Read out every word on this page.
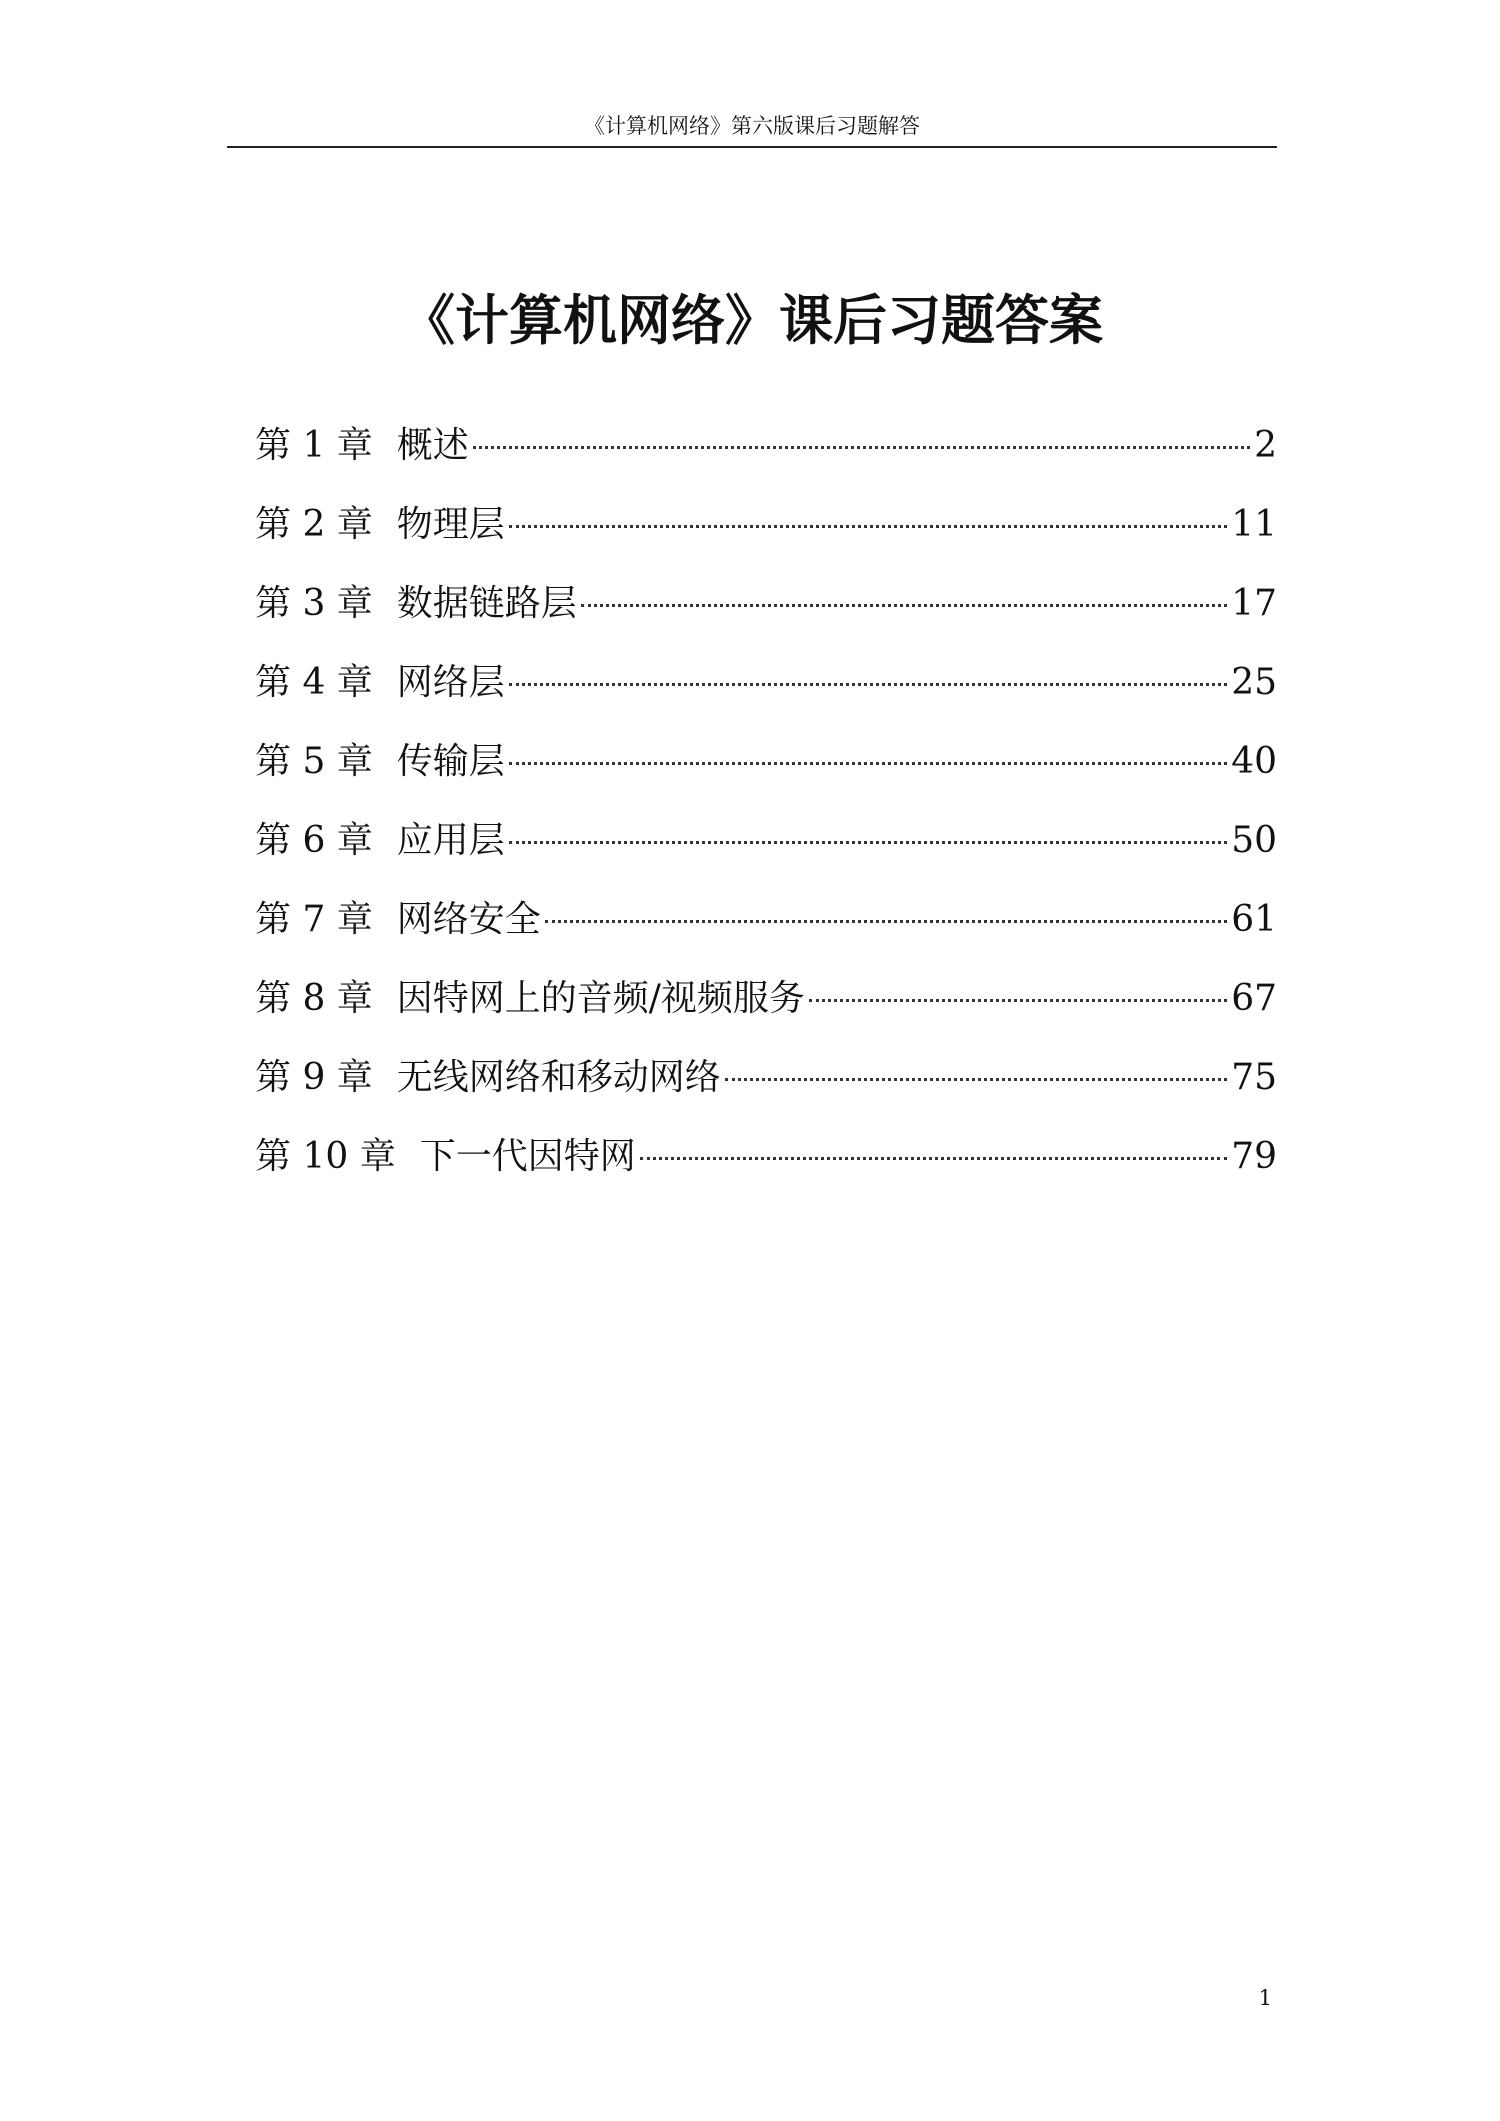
《计算机网络》第六版课后习题解答
《计算机网络》课后习题答案
第 1 章 概述	2
第 2 章 物理层	11
第 3 章 数据链路层	17
第 4 章 网络层	25
第 5 章 传输层	40
第 6 章 应用层	50
第 7 章 网络安全	61
第 8 章 因特网上的音频/视频服务	67
第 9 章 无线网络和移动网络	75
第 10 章 下一代因特网	79
1
